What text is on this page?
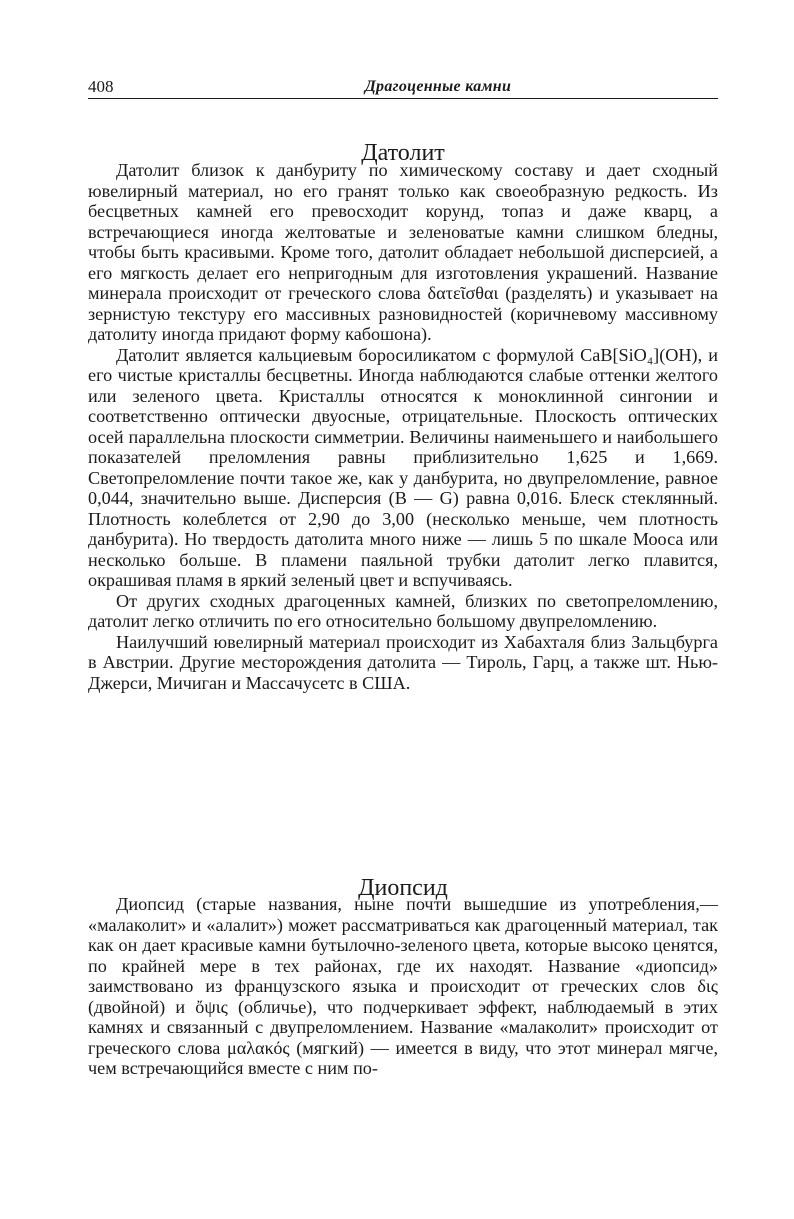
408	Драгоценные камни
Датолит

Датолит близок к данбуриту по химическому составу и дает сходный ювелирный материал, но его гранят только как своеобразную редкость. Из бесцветных камней его превосходит корунд, топаз и даже кварц, а встречающиеся иногда желтоватые и зеленоватые камни слишком бледны, чтобы быть красивыми. Кроме того, датолит обладает небольшой дисперсией, а его мягкость делает его непригодным для изготовления украшений. Название минерала происходит от греческого слова δατεῖσθαι (разделять) и указывает на зернистую текстуру его массивных разновидностей (коричневому массивному датолиту иногда придают форму кабошона).

Датолит является кальциевым боросиликатом с формулой CaB[SiO₄](OH), и его чистые кристаллы бесцветны. Иногда наблюдаются слабые оттенки желтого или зеленого цвета. Кристаллы относятся к моноклинной сингонии и соответственно оптически двуосные, отрицательные. Плоскость оптических осей параллельна плоскости симметрии. Величины наименьшего и наибольшего показателей преломления равны приблизительно 1,625 и 1,669. Светопреломление почти такое же, как у данбурита, но двупреломление, равное 0,044, значительно выше. Дисперсия (B — G) равна 0,016. Блеск стеклянный. Плотность колеблется от 2,90 до 3,00 (несколько меньше, чем плотность данбурита). Но твердость датолита много ниже — лишь 5 по шкале Мооса или несколько больше. В пламени паяльной трубки датолит легко плавится, окрашивая пламя в яркий зеленый цвет и вспучиваясь.

От других сходных драгоценных камней, близких по светопреломлению, датолит легко отличить по его относительно большому двупреломлению.

Наилучший ювелирный материал происходит из Хабахталя близ Зальцбурга в Австрии. Другие месторождения датолита — Тироль, Гарц, а также шт. Нью-Джерси, Мичиган и Массачусетс в США.

Диопсид

Диопсид (старые названия, ныне почти вышедшие из употребления,— «малаколит» и «алалит») может рассматриваться как драгоценный материал, так как он дает красивые камни бутылочно-зеленого цвета, которые высоко ценятся, по крайней мере в тех районах, где их находят. Название «диопсид» заимствовано из французского языка и происходит от греческих слов δις (двойной) и ὄψις (обличье), что подчеркивает эффект, наблюдаемый в этих камнях и связанный с двупреломлением. Название «малаколит» происходит от греческого слова μαλακός (мягкий) — имеется в виду, что этот минерал мягче, чем встречающийся вместе с ним по-
